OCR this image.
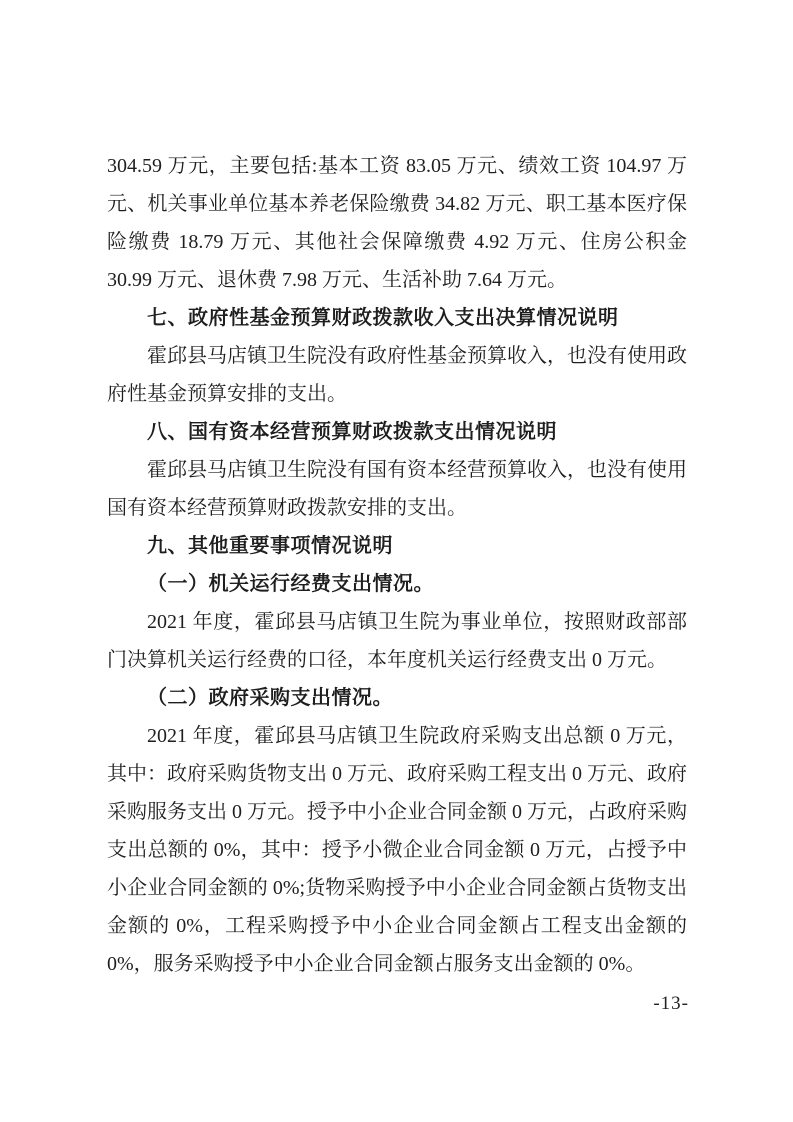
304.59 万元，主要包括:基本工资 83.05 万元、绩效工资 104.97 万元、机关事业单位基本养老保险缴费 34.82 万元、职工基本医疗保险缴费 18.79 万元、其他社会保障缴费 4.92 万元、住房公积金 30.99 万元、退休费 7.98 万元、生活补助 7.64 万元。

七、政府性基金预算财政拨款收入支出决算情况说明

霍邱县马店镇卫生院没有政府性基金预算收入，也没有使用政府性基金预算安排的支出。

八、国有资本经营预算财政拨款支出情况说明

霍邱县马店镇卫生院没有国有资本经营预算收入，也没有使用国有资本经营预算财政拨款安排的支出。

九、其他重要事项情况说明

（一）机关运行经费支出情况。

2021 年度，霍邱县马店镇卫生院为事业单位，按照财政部部门决算机关运行经费的口径，本年度机关运行经费支出 0 万元。

（二）政府采购支出情况。

2021 年度，霍邱县马店镇卫生院政府采购支出总额 0 万元，其中：政府采购货物支出 0 万元、政府采购工程支出 0 万元、政府采购服务支出 0 万元。授予中小企业合同金额 0 万元，占政府采购支出总额的 0%，其中：授予小微企业合同金额 0 万元，占授予中小企业合同金额的 0%;货物采购授予中小企业合同金额占货物支出金额的 0%，工程采购授予中小企业合同金额占工程支出金额的 0%，服务采购授予中小企业合同金额占服务支出金额的 0%。

-13-
